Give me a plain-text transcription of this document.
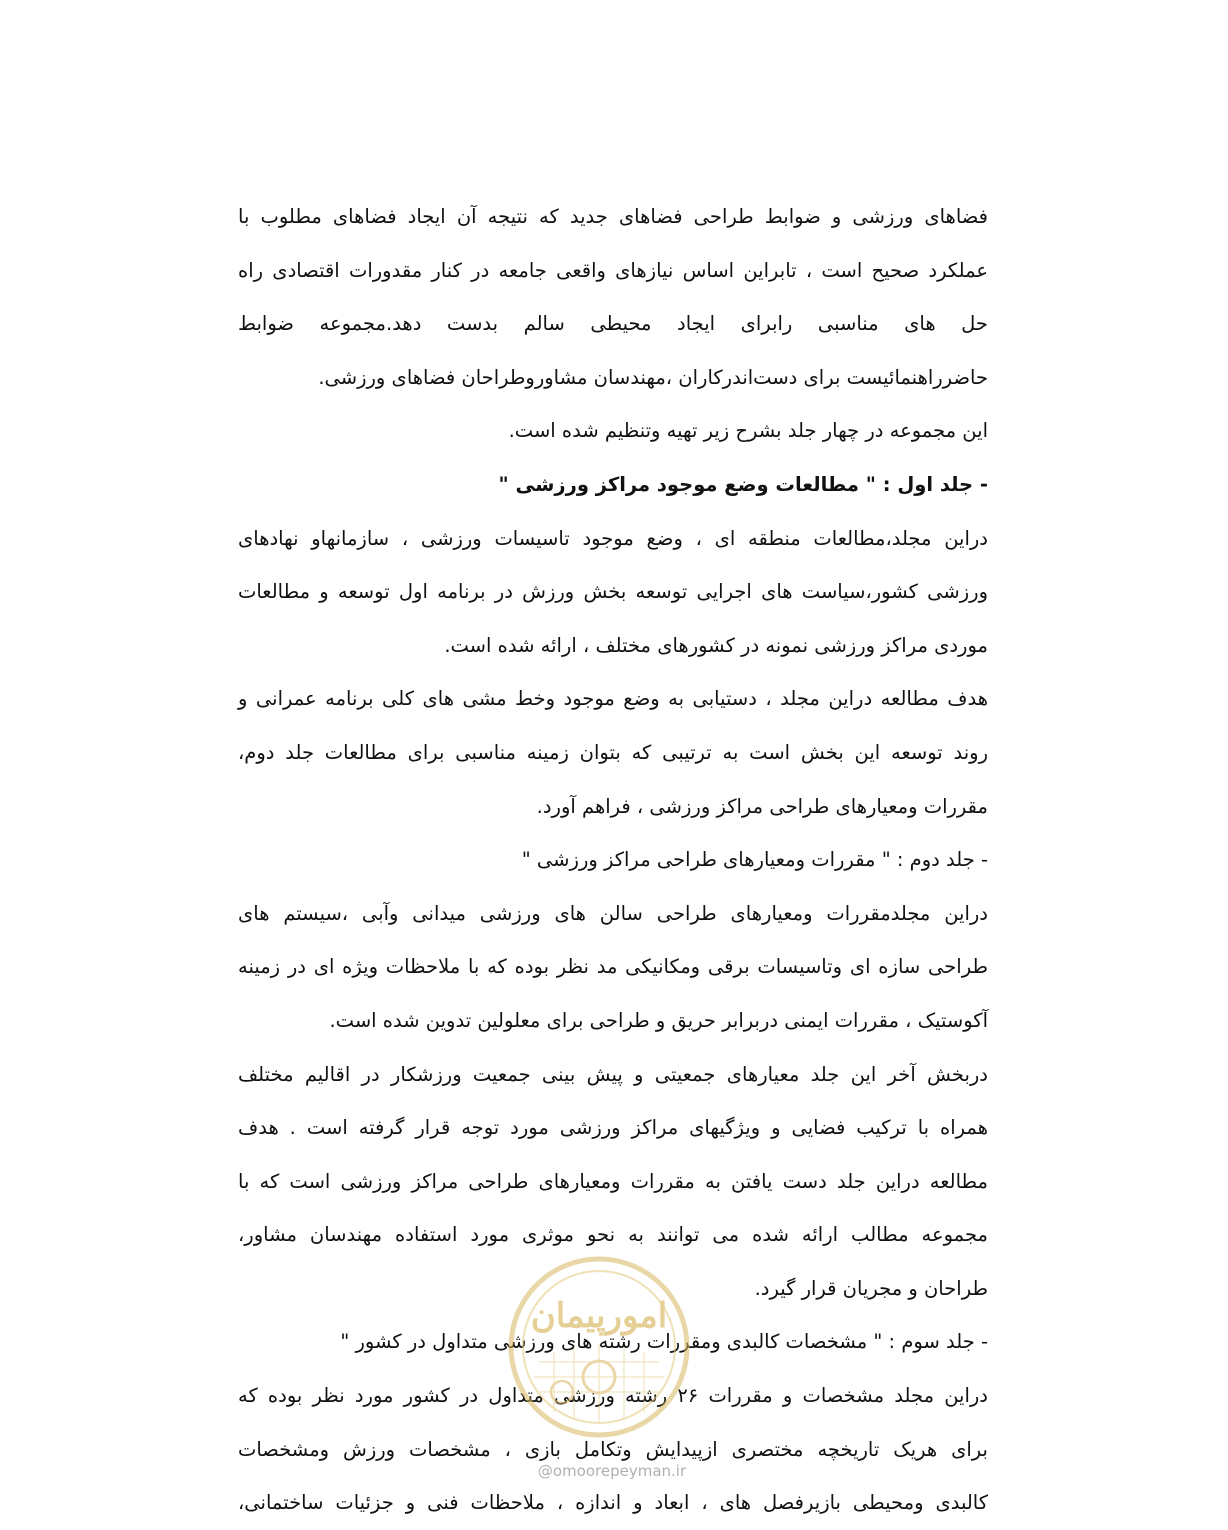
فضاهای ورزشی و ضوابط طراحی فضاهای جدید که نتیجه آن ایجاد فضاهای مطلوب با
عملکرد صحیح است ، تابراین اساس نیازهای واقعی جامعه در کنار مقدورات اقتصادی راه
حل های مناسبی رابرای ایجاد محیطی سالم بدست دهد.مجموعه ضوابط
حاضرراهنمائیست برای دست‌اندرکاران ،مهندسان مشاوروطراحان فضاهای ورزشی.
این مجموعه در چهار جلد بشرح زیر تهیه وتنظیم شده است.
- جلد اول : " مطالعات وضع موجود مراکز ورزشی "
دراین مجلد،مطالعات منطقه ای ، وضع موجود تاسیسات ورزشی ، سازمانهاو نهادهای
ورزشی کشور،سیاست های اجرایی توسعه بخش ورزش در برنامه اول توسعه و مطالعات
موردی مراکز ورزشی نمونه در کشورهای مختلف ، ارائه شده است.
هدف مطالعه دراین مجلد ، دستیابی به وضع موجود وخط مشی های کلی برنامه عمرانی و
روند توسعه این بخش است به ترتیبی که بتوان زمینه مناسبی برای مطالعات جلد دوم،
مقررات ومعیارهای طراحی مراکز ورزشی ، فراهم آورد.
- جلد دوم : " مقررات ومعیارهای طراحی مراکز ورزشی "
دراین مجلدمقررات ومعیارهای طراحی سالن های ورزشی میدانی وآبی ،سیستم های
طراحی سازه ای وتاسیسات برقی ومکانیکی مد نظر بوده که با ملاحظات ویژه ای در زمینه
آکوستیک ، مقررات ایمنی دربرابر حریق و طراحی برای معلولین تدوین شده است.
دربخش آخر این جلد معیارهای جمعیتی و پیش بینی جمعیت ورزشکار در اقالیم مختلف
همراه با ترکیب فضایی و ویژگیهای مراکز ورزشی مورد توجه قرار گرفته است . هدف
مطالعه دراین جلد دست یافتن به مقررات ومعیارهای طراحی مراکز ورزشی است که با
مجموعه مطالب ارائه شده می توانند به نحو موثری مورد استفاده مهندسان مشاور،
طراحان و مجریان قرار گیرد.
- جلد سوم : " مشخصات کالبدی ومقررات رشته های ورزشی متداول در کشور "
دراین مجلد مشخصات و مقررات ۲۶ رشته ورزشی متداول در کشور مورد نظر بوده که
برای هریک تاریخچه مختصری ازپیدایش وتکامل بازی ، مشخصات ورزش ومشخصات
کالبدی ومحیطی بازیرفصل های ، ابعاد و اندازه ، ملاحظات فنی و جزئیات ساختمانی،
امورپیمان
@omoorepeyman.ir
